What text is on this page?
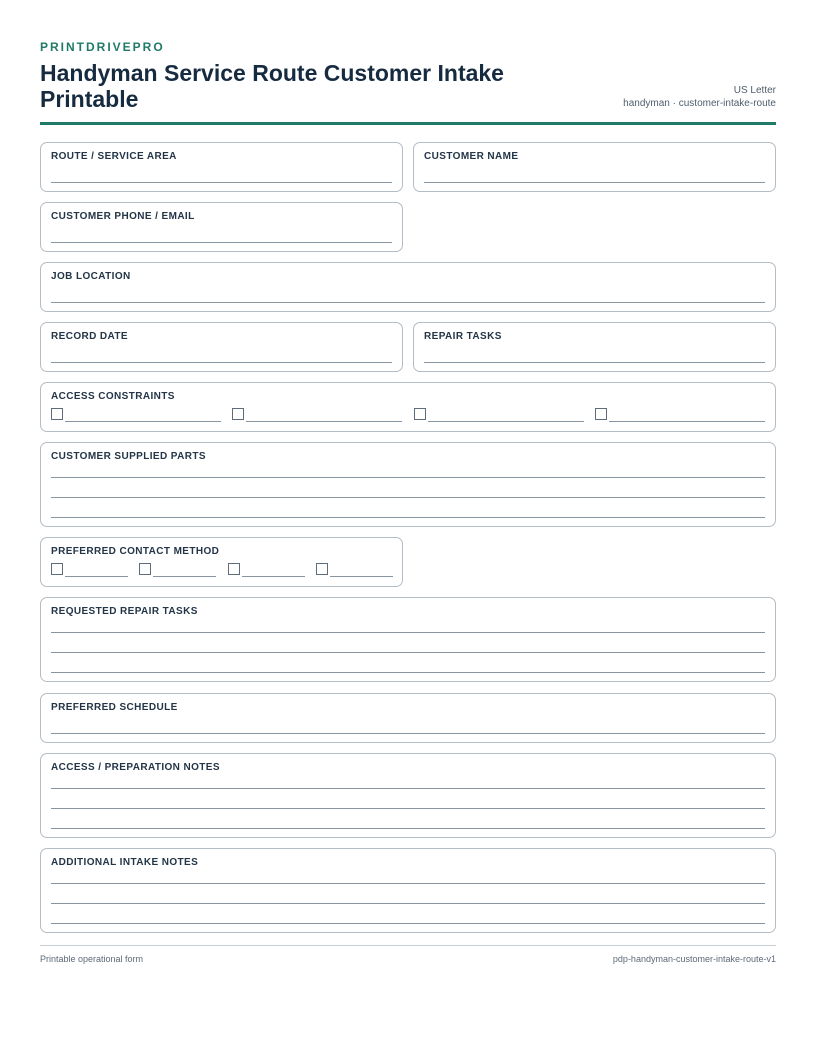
PRINTDRIVEPRO
Handyman Service Route Customer Intake Printable	US Letter
handyman · customer-intake-route
ROUTE / SERVICE AREA	CUSTOMER NAME
CUSTOMER PHONE / EMAIL
JOB LOCATION
RECORD DATE	REPAIR TASKS
ACCESS CONSTRAINTS
CUSTOMER SUPPLIED PARTS
PREFERRED CONTACT METHOD
REQUESTED REPAIR TASKS
PREFERRED SCHEDULE
ACCESS / PREPARATION NOTES
ADDITIONAL INTAKE NOTES
Printable operational form	pdp-handyman-customer-intake-route-v1
